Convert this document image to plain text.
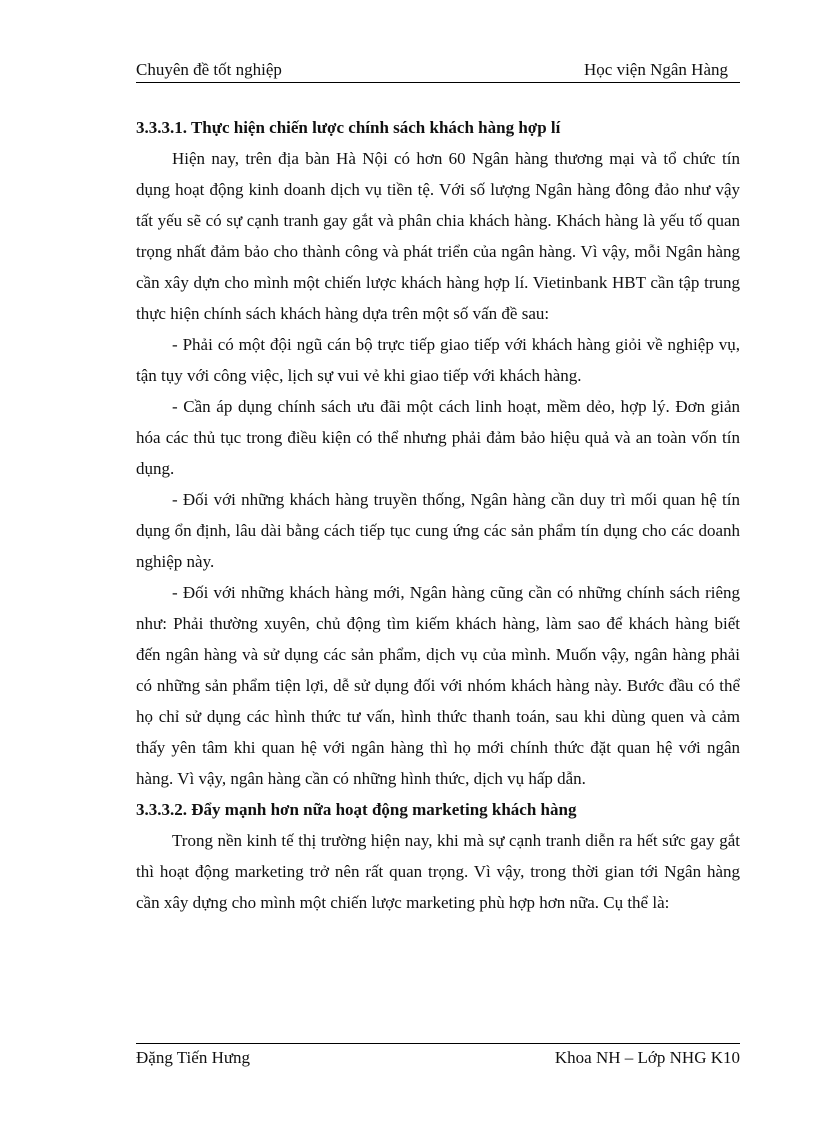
Chuyên đề tốt nghiệp	Học viện Ngân Hàng
3.3.3.1. Thực hiện chiến lược chính sách khách hàng hợp lí

Hiện nay, trên địa bàn Hà Nội có hơn 60 Ngân hàng thương mại và tổ chức tín dụng hoạt động kinh doanh dịch vụ tiền tệ. Với số lượng Ngân hàng đông đảo như vậy tất yếu sẽ có sự cạnh tranh gay gắt và phân chia khách hàng. Khách hàng là yếu tố quan trọng nhất đảm bảo cho thành công và phát triển của ngân hàng. Vì vậy, mỗi Ngân hàng cần xây dựn cho mình một chiến lược khách hàng hợp lí. Vietinbank HBT cần tập trung thực hiện chính sách khách hàng dựa trên một số vấn đề sau:

- Phải có một đội ngũ cán bộ trực tiếp giao tiếp với khách hàng giỏi về nghiệp vụ, tận tụy với công việc, lịch sự vui vẻ khi giao tiếp với khách hàng.

- Cần áp dụng chính sách ưu đãi một cách linh hoạt, mềm dẻo, hợp lý. Đơn giản hóa các thủ tục trong điều kiện có thể nhưng phải đảm bảo hiệu quả và an toàn vốn tín dụng.

- Đối với những khách hàng truyền thống, Ngân hàng cần duy trì mối quan hệ tín dụng ổn định, lâu dài bằng cách tiếp tục cung ứng các sản phẩm tín dụng cho các doanh nghiệp này.

- Đối với những khách hàng mới, Ngân hàng cũng cần có những chính sách riêng như: Phải thường xuyên, chủ động tìm kiếm khách hàng, làm sao để khách hàng biết đến ngân hàng và sử dụng các sản phẩm, dịch vụ của mình. Muốn vậy, ngân hàng phải có những sản phẩm tiện lợi, dễ sử dụng đối với nhóm khách hàng này. Bước đầu có thể họ chỉ sử dụng các hình thức tư vấn, hình thức thanh toán, sau khi dùng quen và cảm thấy yên tâm khi quan hệ với ngân hàng thì họ mới chính thức đặt quan hệ với ngân hàng. Vì vậy, ngân hàng cần có những hình thức, dịch vụ hấp dẫn.

3.3.3.2. Đẩy mạnh hơn nữa hoạt động marketing khách hàng

Trong nền kinh tế thị trường hiện nay, khi mà sự cạnh tranh diễn ra hết sức gay gắt thì hoạt động marketing trở nên rất quan trọng. Vì vậy, trong thời gian tới Ngân hàng cần xây dựng cho mình một chiến lược marketing phù hợp hơn nữa. Cụ thể là:

Đặng Tiến Hưng	Khoa NH – Lớp NHG K10
